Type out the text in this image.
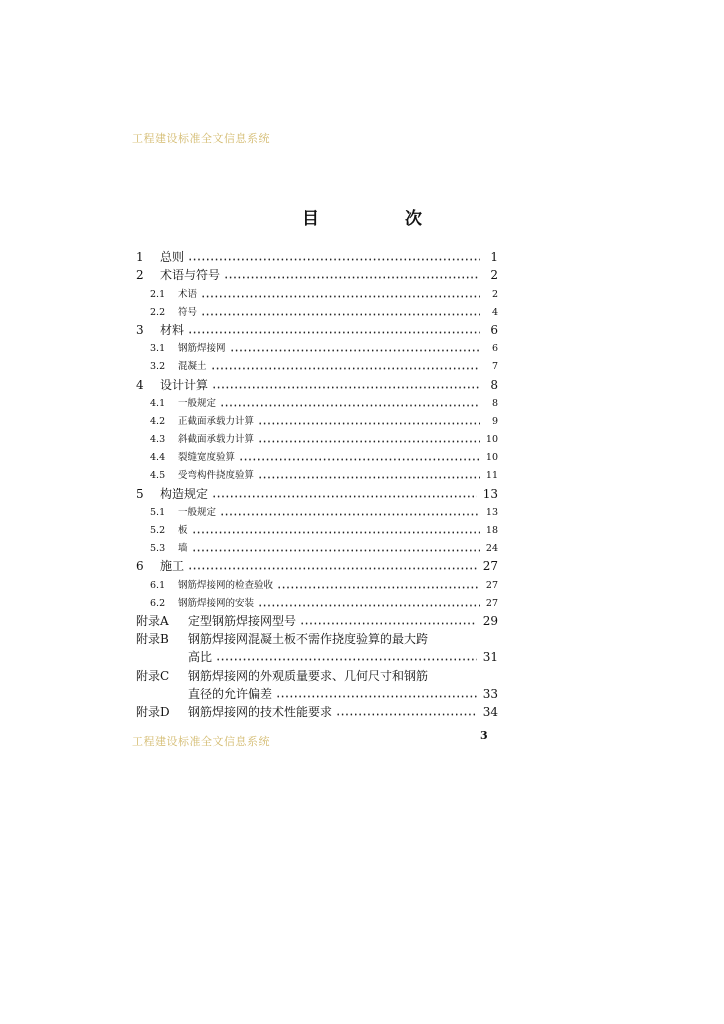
工程建设标准全文信息系统
目 次
1	总则	1
2	术语与符号	2
2.1	术语	2
2.2	符号	4
3	材料	6
3.1	钢筋焊接网	6
3.2	混凝土	7
4	设计计算	8
4.1	一般规定	8
4.2	正截面承载力计算	9
4.3	斜截面承载力计算	10
4.4	裂缝宽度验算	10
4.5	受弯构件挠度验算	11
5	构造规定	13
5.1	一般规定	13
5.2	板	18
5.3	墙	24
6	施工	27
6.1	钢筋焊接网的检查验收	27
6.2	钢筋焊接网的安装	27
附录A	定型钢筋焊接网型号	29
附录B	钢筋焊接网混凝土板不需作挠度验算的最大跨
高比	31
附录C	钢筋焊接网的外观质量要求、几何尺寸和钢筋
直径的允许偏差	33
附录D	钢筋焊接网的技术性能要求	34
工程建设标准全文信息系统	3
